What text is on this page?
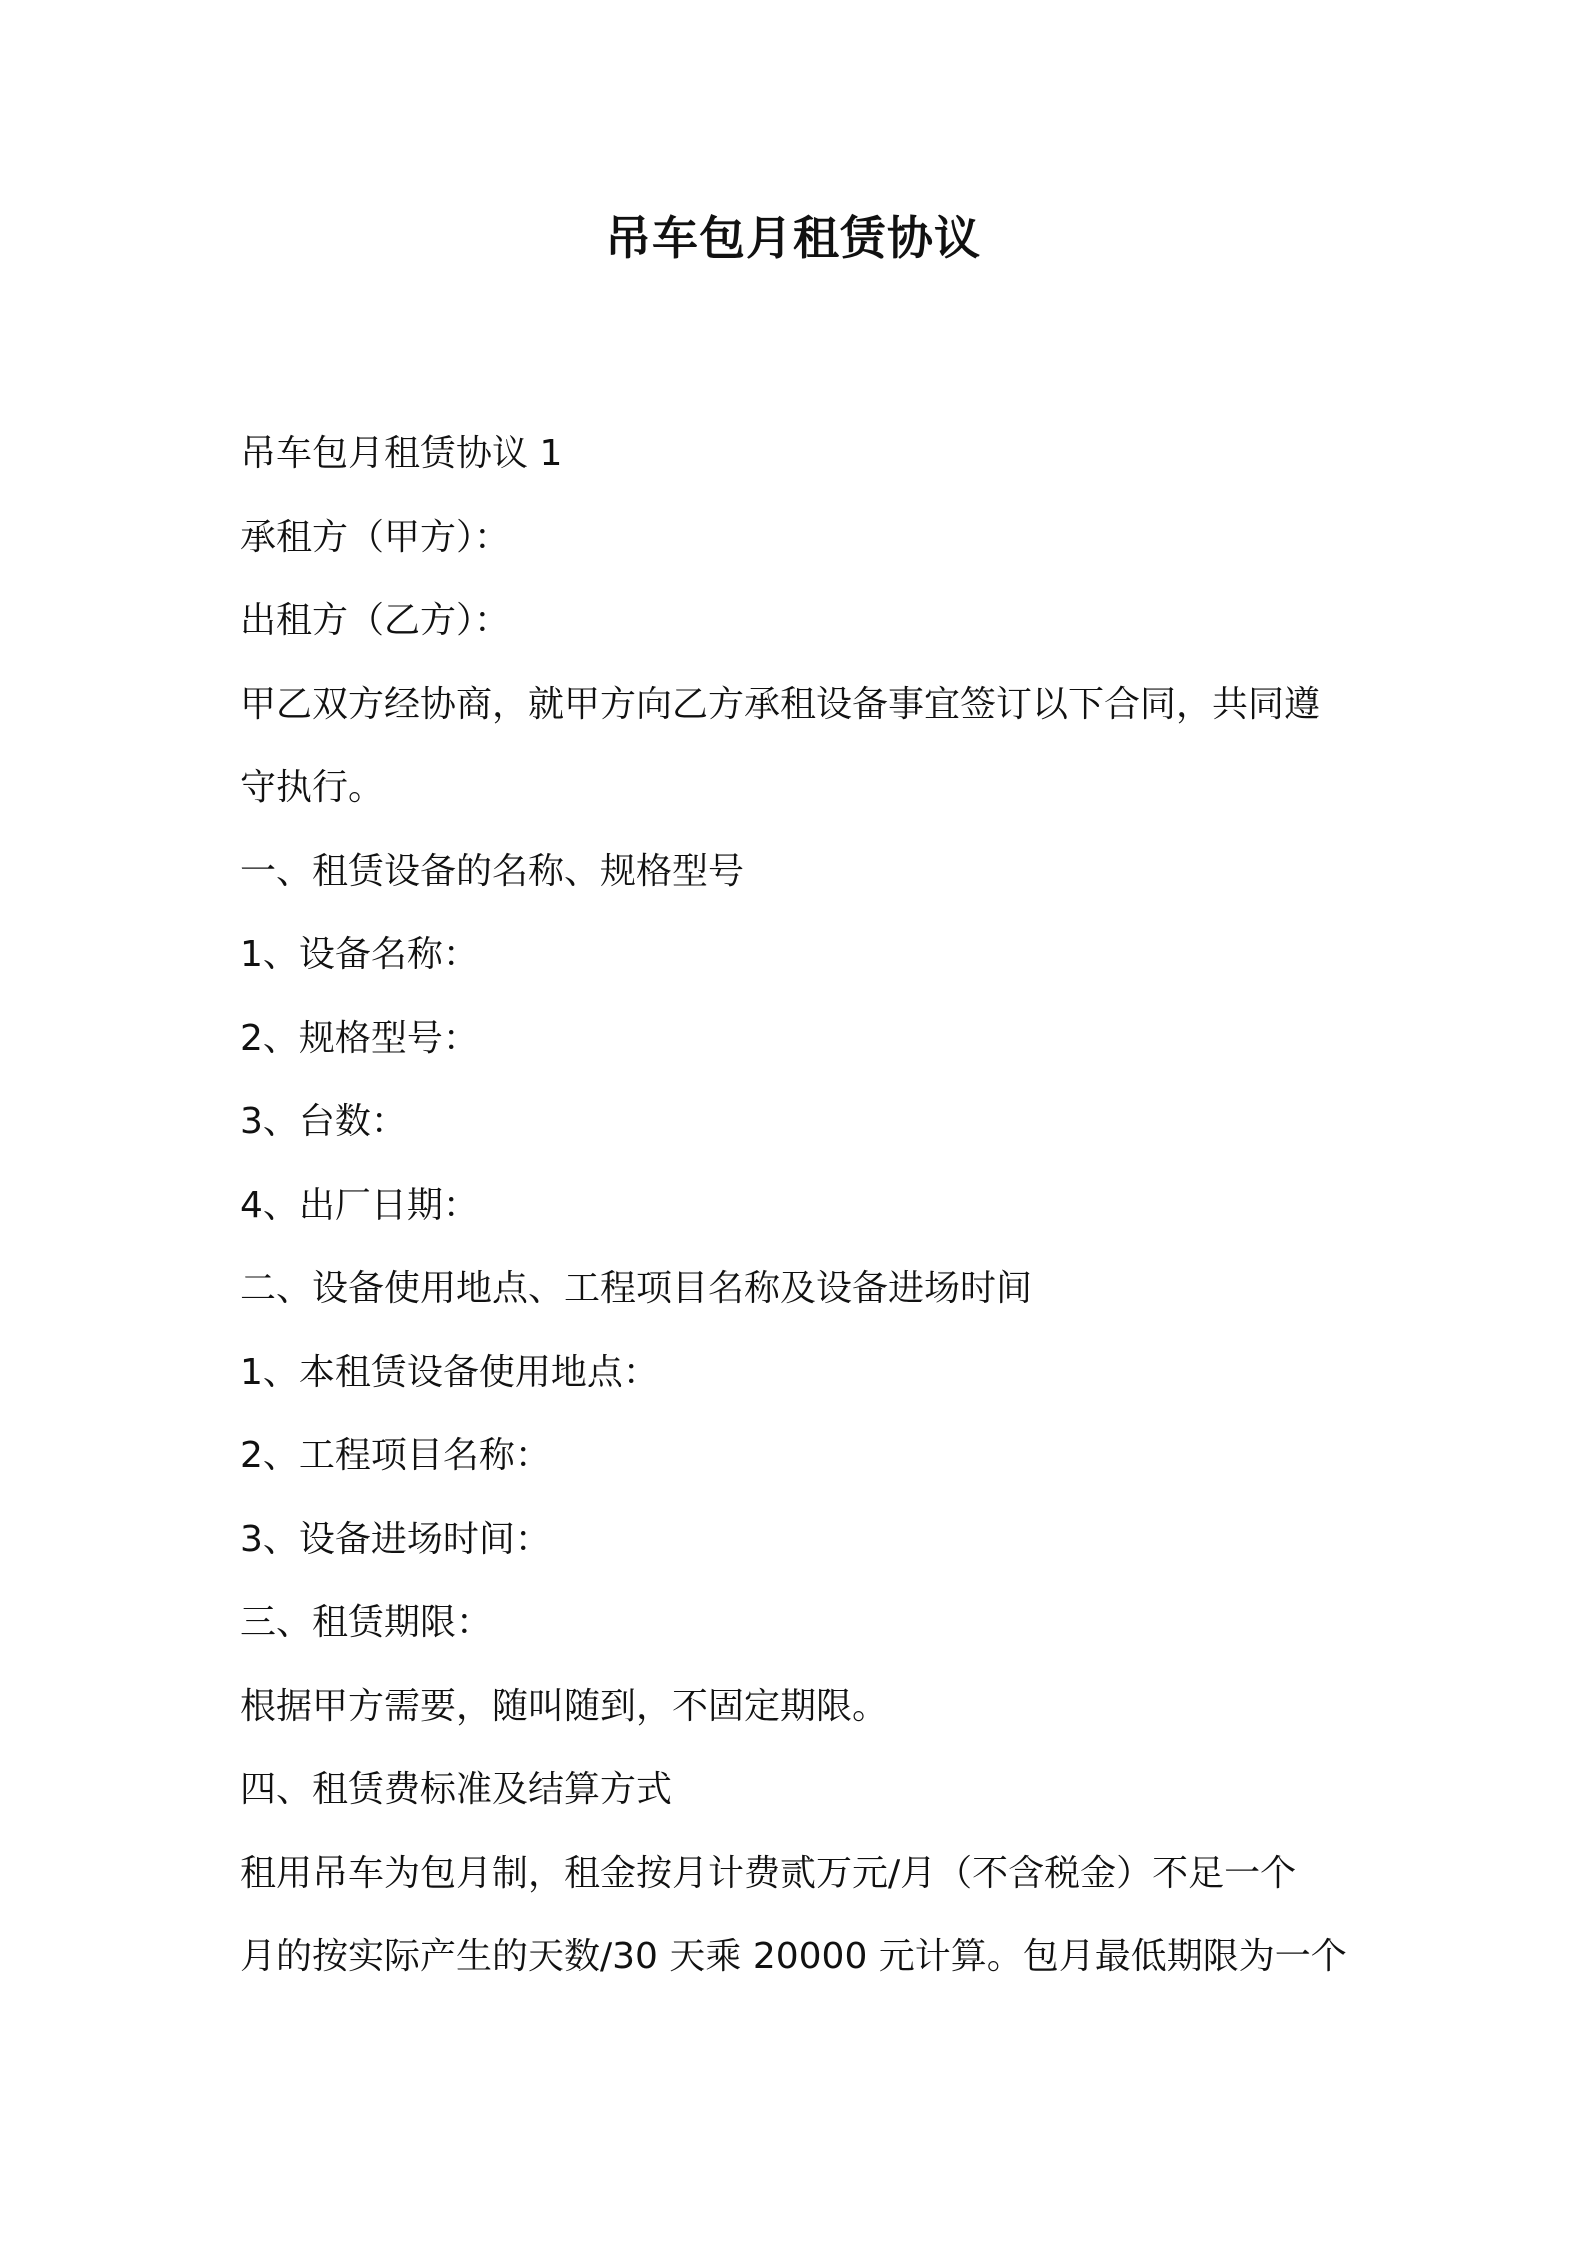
吊车包月租赁协议
吊车包月租赁协议 1
承租方（甲方）：
出租方（乙方）：
甲乙双方经协商，就甲方向乙方承租设备事宜签订以下合同，共同遵
守执行。
一、租赁设备的名称、规格型号
1、设备名称：
2、规格型号：
3、台数：
4、出厂日期：
二、设备使用地点、工程项目名称及设备进场时间
1、本租赁设备使用地点：
2、工程项目名称：
3、设备进场时间：
三、租赁期限：
根据甲方需要，随叫随到，不固定期限。
四、租赁费标准及结算方式
租用吊车为包月制，租金按月计费贰万元/月（不含税金）不足一个
月的按实际产生的天数/30 天乘 20000 元计算。包月最低期限为一个
